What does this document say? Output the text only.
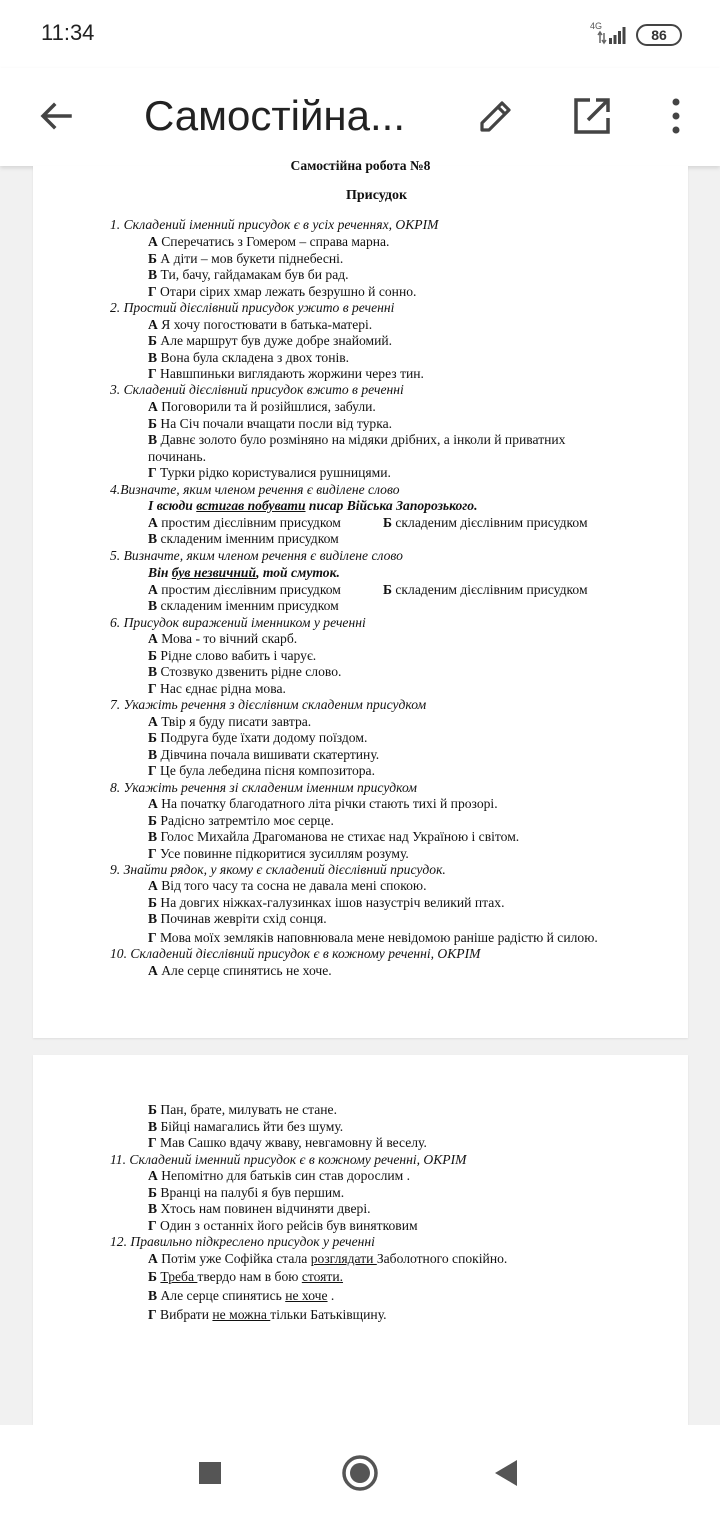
11:34	4G
86
Самостійна...
Самостійна робота №8
Присудок
1. Складений іменний присудок є в усіх реченнях, ОКРІМ
А Сперечатись з Гомером – справа марна.
Б А діти – мов букети піднебесні.
В Ти, бачу, гайдамакам був би рад.
Г Отари сірих хмар лежать безрушно й сонно.
2. Простий дієслівний присудок ужито в реченні
А Я хочу погостювати в батька-матері.
Б Але маршрут був дуже добре знайомий.
В Вона була складена з двох тонів.
Г Навшпиньки виглядають жоржини через тин.
3. Складений дієслівний присудок вжито в реченні
А Поговорили та й розійшлися, забули.
Б На Січ почали вчащати посли від турка.
В Давнє золото було розміняно на мідяки дрібних, а інколи й приватних
починань.
Г Турки рідко користувалися рушницями.
4.Визначте, яким членом речення є виділене слово
І всюди встигав побувати писар Війська Запорозького.
А простим дієслівним присудком	Б складеним дієслівним присудком
В складеним іменним присудком
5. Визначте, яким членом речення є виділене слово
Він був незвичний, той смуток.
А простим дієслівним присудком	Б складеним дієслівним присудком
В складеним іменним присудком
6. Присудок виражений іменником у реченні
А Мова - то вічний скарб.
Б Рідне слово вабить і чарує.
В Стозвуко дзвенить рідне слово.
Г Нас єднає рідна мова.
7. Укажіть речення з дієслівним складеним присудком
А Твір я буду писати завтра.
Б Подруга буде їхати додому поїздом.
В Дівчина почала вишивати скатертину.
Г Це була лебедина пісня композитора.
8. Укажіть речення зі складеним іменним присудком
А На початку благодатного літа річки стають тихі й прозорі.
Б Радісно затремтіло моє серце.
В Голос Михайла Драгоманова не стихає над Україною і світом.
Г Усе повинне підкоритися зусиллям розуму.
9. Знайти рядок, у якому є складений дієслівний присудок.
А Від того часу та сосна не давала мені спокою.
Б На довгих ніжках-галузинках ішов назустріч великий птах.
В Починав жевріти схід сонця.
Г Мова моїх земляків наповнювала мене невідомою раніше радістю й силою.
10. Складений дієслівний присудок є в кожному реченні, ОКРІМ
А Але серце спинятись не хоче.
Б Пан, брате, милувать не стане.
В Бійці намагались йти без шуму.
Г Мав Сашко вдачу жваву, невгамовну й веселу.
11. Складений іменний присудок є в кожному реченні, ОКРІМ
А Непомітно для батьків син став дорослим .
Б Вранці на палубі я був першим.
В Хтось нам повинен відчиняти двері.
Г Один з останніх його рейсів був винятковим
12. Правильно підкреслено присудок у реченні
А Потім уже Софійка стала розглядати Заболотного спокійно.
Б Треба твердо нам в бою стояти.
В Але серце спинятись не хоче .
Г Вибрати не можна тільки Батьківщину.
